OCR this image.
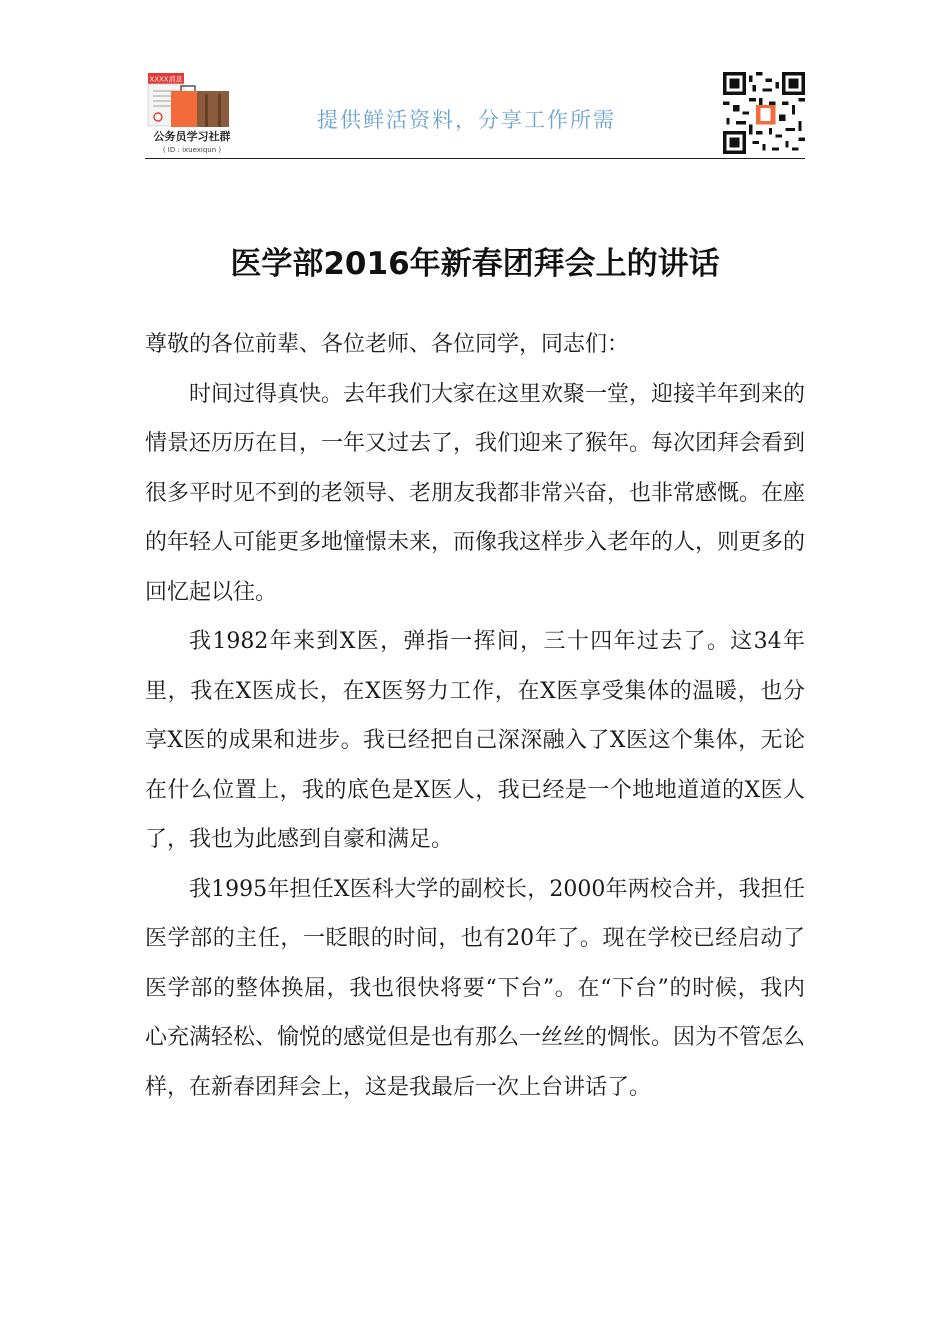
XXXX消息
公务员学习社群
( ID : ixuexiqun )
提供鲜活资料，分享工作所需
医学部2016年新春团拜会上的讲话

尊敬的各位前辈、各位老师、各位同学，同志们：

时间过得真快。去年我们大家在这里欢聚一堂，迎接羊年到来的情景还历历在目，一年又过去了，我们迎来了猴年。每次团拜会看到很多平时见不到的老领导、老朋友我都非常兴奋，也非常感慨。在座的年轻人可能更多地憧憬未来，而像我这样步入老年的人，则更多的回忆起以往。

我1982年来到X医，弹指一挥间，三十四年过去了。这34年里，我在X医成长，在X医努力工作，在X医享受集体的温暖，也分享X医的成果和进步。我已经把自己深深融入了X医这个集体，无论在什么位置上，我的底色是X医人，我已经是一个地地道道的X医人了，我也为此感到自豪和满足。

我1995年担任X医科大学的副校长，2000年两校合并，我担任医学部的主任，一眨眼的时间，也有20年了。现在学校已经启动了医学部的整体换届，我也很快将要“下台”。在“下台”的时候，我内心充满轻松、愉悦的感觉但是也有那么一丝丝的惆怅。因为不管怎么样，在新春团拜会上，这是我最后一次上台讲话了。
